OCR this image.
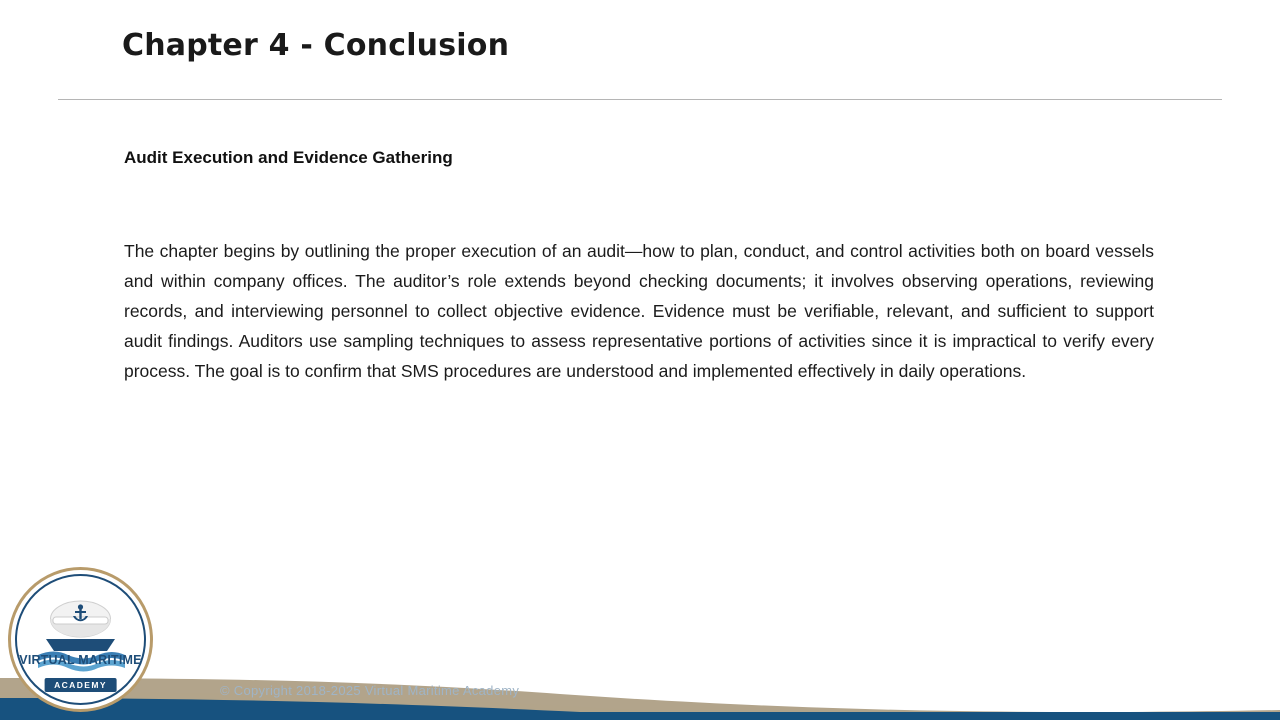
Chapter 4 - Conclusion
Audit Execution and Evidence Gathering
The chapter begins by outlining the proper execution of an audit—how to plan, conduct, and control activities both on board vessels and within company offices. The auditor’s role extends beyond checking documents; it involves observing operations, reviewing records, and interviewing personnel to collect objective evidence. Evidence must be verifiable, relevant, and sufficient to support audit findings. Auditors use sampling techniques to assess representative portions of activities since it is impractical to verify every process. The goal is to confirm that SMS procedures are understood and implemented effectively in daily operations.
© Copyright 2018-2025 Virtual Maritime Academy
VIRTUAL MARITIME
ACADEMY
